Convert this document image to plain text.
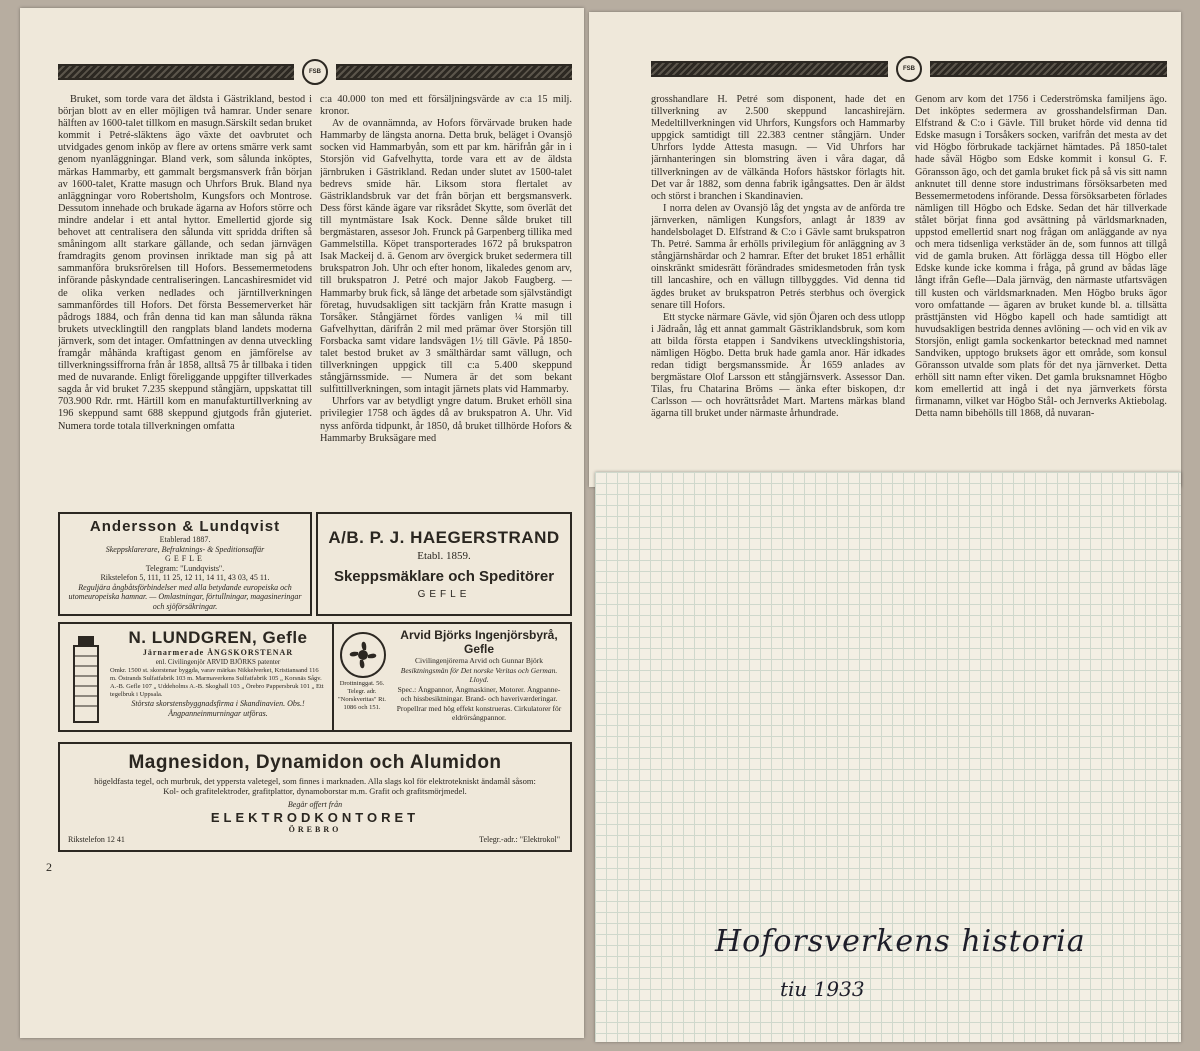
FSB

Bruket, som torde vara det äldsta i Gästrikland, bestod i början blott av en eller möjligen två hamrar. Under senare hälften av 1600-talet tillkom en masugn.Särskilt sedan bruket kommit i Petré-släktens ägo växte det oavbrutet och utvidgades genom inköp av flere av ortens smärre verk samt genom nyanläggningar. Bland verk, som sålunda inköptes, märkas Hammarby, ett gammalt bergsmansverk från början av 1600-talet, Kratte masugn och Uhrfors Bruk. Bland nya anläggningar voro Robertsholm, Kungsfors och Montrose. Dessutom innehade och brukade ägarna av Hofors större och mindre andelar i ett antal hyttor. Emellertid gjorde sig behovet att centralisera den sålunda vitt spridda driften så småningom allt starkare gällande, och sedan järnvägen framdragits genom provinsen inriktade man sig på att sammanföra bruksrörelsen till Hofors. Bessemermetodens införande påskyndade centraliseringen. Lancashiresmidet vid de olika verken nedlades och järntillverkningen sammanfördes till Hofors. Det första Bessemerverket här pådrogs 1884, och från denna tid kan man sålunda räkna brukets utvecklingtill den rangplats bland landets moderna järnverk, som det intager. Omfattningen av denna utveckling framgår måhända kraftigast genom en jämförelse av tillverkningssiffrorna från år 1858, alltså 75 år tillbaka i tiden med de nuvarande. Enligt föreliggande uppgifter tillverkades sagda år vid bruket 7.235 skeppund stångjärn, uppskattat till 703.900 Rdr. rmt. Härtill kom en manufakturtillverkning av 196 skeppund samt 688 skeppund gjutgods från gjuteriet. Numera torde totala tillverkningen omfatta

c:a 40.000 ton med ett försäljningsvärde av c:a 15 milj. kronor.

Av de ovannämnda, av Hofors förvärvade bruken hade Hammarby de längsta anorna. Detta bruk, beläget i Ovansjö socken vid Hammarbyån, som ett par km. härifrån går in i Storsjön vid Gafvelhytta, torde vara ett av de äldsta järnbruken i Gästrikland. Redan under slutet av 1500-talet bedrevs smide här. Liksom stora flertalet av Gästriklandsbruk var det från början ett bergsmansverk. Dess först kände ägare var riksrådet Skytte, som överlät det till myntmästare Isak Kock. Denne sålde bruket till bergmästaren, assesor Joh. Frunck på Garpenberg tillika med Gammelstilla. Köpet transporterades 1672 på brukspatron Isak Mackeij d. ä. Genom arv övergick bruket sedermera till brukspatron Joh. Uhr och efter honom, likaledes genom arv, till brukspatron J. Petré och major Jakob Faugberg. — Hammarby bruk fick, så länge det arbetade som självständigt företag, huvudsakligen sitt tackjärn från Kratte masugn i Torsåker. Stångjärnet fördes vanligen ¼ mil till Gafvelhyttan, därifrån 2 mil med prämar över Storsjön till Forsbacka samt vidare landsvägen 1½ till Gävle. På 1850-talet bestod bruket av 3 smälthärdar samt vällugn, och tillverkningen uppgick till c:a 5.400 skeppund stångjärnssmide. — Numera är det som bekant sulfittillverkningen, som intagit järnets plats vid Hammarby.

Uhrfors var av betydligt yngre datum. Bruket erhöll sina privilegier 1758 och ägdes då av brukspatron A. Uhr. Vid nyss anförda tidpunkt, år 1850, då bruket tillhörde Hofors & Hammarby Bruksägare med

Andersson & Lundqvist
Etablerad 1887.
Skeppsklarerare, Befraktnings- & Speditionsaffär
GEFLE
Telegram: "Lundqvists".
Rikstelefon 5, 111, 11 25, 12 11, 14 11, 43 03, 45 11.
Reguljära ångbåtsförbindelser med alla betydande europeiska och utomeuropeiska hamnar. — Omlastningar, förtullningar, magasineringar och sjöförsäkringar.
A/B. P. J. HAEGERSTRAND
Etabl. 1859.
Skeppsmäklare och Speditörer
GEFLE
N. LUNDGREN, Gefle
Järnarmerade ÅNGSKORSTENAR
enl. Civilingenjör ARVID BJÖRKS patenter
Omkr. 1500 st. skorstenar byggda, varav märkas Nikkelverket, Kristiansand 116 m. Östrands Sulfatfabrik 103 m. Marmaverkens Sulfatfabrik 105 „ Korsnäs Sågv. A.-B. Gefle 107 „ Uddeholms A.-B. Skoghall 103 „ Örebro Pappersbruk 101 „ Ett tegelbruk i Uppsala.
Största skorstensbyggnadsfirma i Skandinavien. Obs.! Ångpanneinmurningar utföras.
Drottninggat. 56. Telegr. adr. "Norskveritas" Rt. 1086 och 151.
Arvid Björks Ingenjörsbyrå, Gefle
Civilingenjörerna Arvid och Gunnar Björk
Besiktningsmän för Det norske Veritas och German. Lloyd.
Spec.: Ångpannor, Ångmaskiner, Motorer. Ångpanne- och hissbesiktningar. Brand- och haveriværderingar. Propellrar med hög effekt konstrueras. Cirkulatorer för eldrörsångpannor.
Magnesidon, Dynamidon och Alumidon
högeldfasta tegel, och murbruk, det yppersta valetegel, som finnes i marknaden. Alla slags kol för elektrotekniskt ändamål såsom: Kol- och grafitelektroder, grafitplattor, dynamoborstar m.m. Grafit och grafitsmörjmedel.
Begär offert från
ELEKTRODKONTORET
ÖREBRO
Rikstelefon 12 41	Telegr.-adr.: "Elektrokol"
2
FSB

grosshandlare H. Petré som disponent, hade det en tillverkning av 2.500 skeppund lancashirejärn. Medeltillverkningen vid Uhrfors, Kungsfors och Hammarby uppgick samtidigt till 22.383 centner stångjärn. Under Uhrfors lydde Attesta masugn. — Vid Uhrfors har järnhanteringen sin blomstring även i våra dagar, då tillverkningen av de välkända Hofors hästskor förlagts hit. Det var år 1882, som denna fabrik igångsattes. Den är äldst och störst i branchen i Skandinavien.

I norra delen av Ovansjö låg det yngsta av de anförda tre järnverken, nämligen Kungsfors, anlagt år 1839 av handelsbolaget D. Elfstrand & C:o i Gävle samt brukspatron Th. Petré. Samma år erhölls privilegium för anläggning av 3 stångjärnshärdar och 2 hamrar. Efter det bruket 1851 erhållit oinskränkt smidesrätt förändrades smidesmetoden från tysk till lancashire, och en vällugn tillbyggdes. Vid denna tid ägdes bruket av brukspatron Petrés sterbhus och övergick senare till Hofors.

Ett stycke närmare Gävle, vid sjön Öjaren och dess utlopp i Jädraån, låg ett annat gammalt Gästriklandsbruk, som kom att bilda första etappen i Sandvikens utvecklingshistoria, nämligen Högbo. Detta bruk hade gamla anor. Här idkades redan tidigt bergsmanssmide. År 1659 anlades av bergmästare Olof Larsson ett stångjärnsverk. Assessor Dan. Tilas, fru Chatarina Bröms — änka efter biskopen, d:r Carlsson — och hovrättsrådet Mart. Martens märkas bland ägarna till bruket under närmaste århundrade.

Genom arv kom det 1756 i Cederströmska familjens ägo. Det inköptes sedermera av grosshandelsfirman Dan. Elfstrand & C:o i Gävle. Till bruket hörde vid denna tid Edske masugn i Torsåkers socken, varifrån det mesta av det vid Högbo förbrukade tackjärnet hämtades. På 1850-talet hade såväl Högbo som Edske kommit i konsul G. F. Göransson ägo, och det gamla bruket fick på så vis sitt namn anknutet till denne store industrimans försöksarbeten med Bessemermetodens införande. Dessa försöksarbeten förlades nämligen till Högbo och Edske. Sedan det här tillverkade stålet börjat finna god avsättning på världsmarknaden, uppstod emellertid snart nog frågan om anläggande av nya och mera tidsenliga verkstäder än de, som funnos att tillgå vid de gamla bruken. Att förlägga dessa till Högbo eller Edske kunde icke komma i fråga, på grund av bådas läge långt ifrån Gefle—Dala järnväg, den närmaste utfartsvägen till kusten och världsmarknaden. Men Högbo bruks ägor voro omfattande — ägaren av bruket kunde bl. a. tillsätta prästtjänsten vid Högbo kapell och hade samtidigt att huvudsakligen bestrida dennes avlöning — och vid en vik av Storsjön, enligt gamla sockenkartor betecknad med namnet Sandviken, upptogo bruksets ägor ett område, som konsul Göransson utvalde som plats för det nya järnverket. Detta erhöll sitt namn efter viken. Det gamla bruksnamnet Högbo kom emellertid att ingå i det nya järnverkets första firmanamn, vilket var Högbo Stål- och Jernverks Aktiebolag. Detta namn bibehölls till 1868, då nuvaran-

Hoforsverkens historia
tiu 1933
